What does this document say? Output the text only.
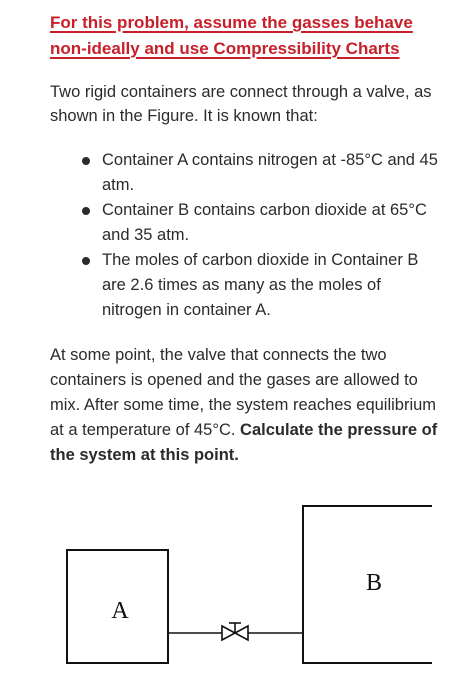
For this problem, assume the gasses behave
non-ideally and use Compressibility Charts
Two rigid containers are connect through a valve, as shown in the Figure. It is known that:
Container A contains nitrogen at -85°C and 45 atm.
Container B contains carbon dioxide at 65°C and 35 atm.
The moles of carbon dioxide in Container B are 2.6 times as many as the moles of nitrogen in container A.
At some point, the valve that connects the two containers is opened and the gases are allowed to mix. After some time, the system reaches equilibrium at a temperature of 45°C. Calculate the pressure of the system at this point.
A
B
